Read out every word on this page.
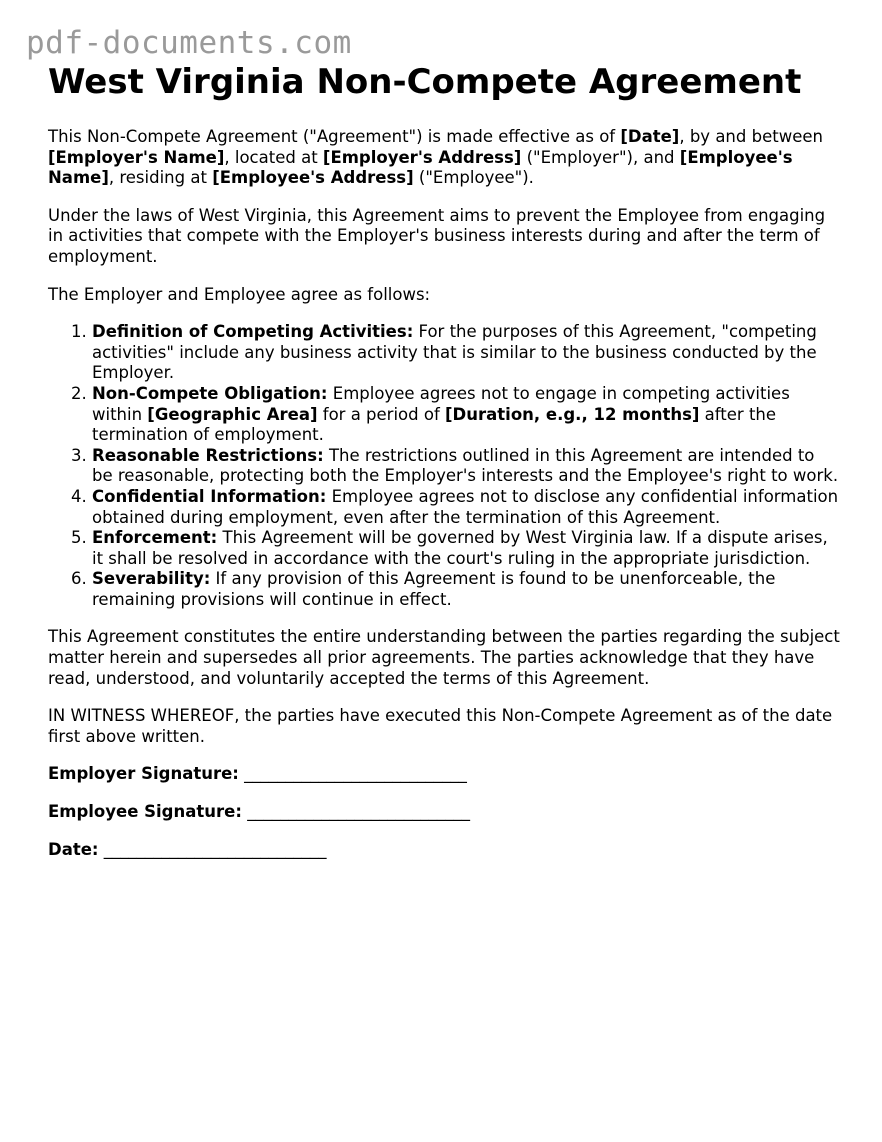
pdf-documents.com
West Virginia Non-Compete Agreement

This Non-Compete Agreement ("Agreement") is made effective as of [Date], by and between [Employer's Name], located at [Employer's Address] ("Employer"), and [Employee's Name], residing at [Employee's Address] ("Employee").

Under the laws of West Virginia, this Agreement aims to prevent the Employee from engaging in activities that compete with the Employer's business interests during and after the term of employment.

The Employer and Employee agree as follows:

1. Definition of Competing Activities: For the purposes of this Agreement, "competing activities" include any business activity that is similar to the business conducted by the Employer.
2. Non-Compete Obligation: Employee agrees not to engage in competing activities within [Geographic Area] for a period of [Duration, e.g., 12 months] after the termination of employment.
3. Reasonable Restrictions: The restrictions outlined in this Agreement are intended to be reasonable, protecting both the Employer's interests and the Employee's right to work.
4. Confidential Information: Employee agrees not to disclose any confidential information obtained during employment, even after the termination of this Agreement.
5. Enforcement: This Agreement will be governed by West Virginia law. If a dispute arises, it shall be resolved in accordance with the court's ruling in the appropriate jurisdiction.
6. Severability: If any provision of this Agreement is found to be unenforceable, the remaining provisions will continue in effect.

This Agreement constitutes the entire understanding between the parties regarding the subject matter herein and supersedes all prior agreements. The parties acknowledge that they have read, understood, and voluntarily accepted the terms of this Agreement.

IN WITNESS WHEREOF, the parties have executed this Non-Compete Agreement as of the date first above written.

Employer Signature: ___________________________
Employee Signature: ___________________________
Date: ___________________________
